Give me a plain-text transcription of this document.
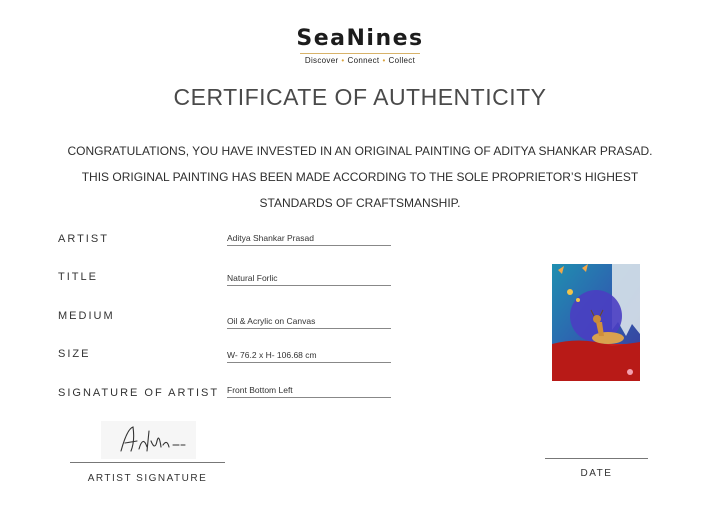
SeaNines
Discover • Connect • Collect
CERTIFICATE OF AUTHENTICITY
CONGRATULATIONS, YOU HAVE INVESTED IN AN ORIGINAL PAINTING OF ADITYA SHANKAR PRASAD.
THIS ORIGINAL PAINTING HAS BEEN MADE ACCORDING TO THE SOLE PROPRIETOR’S HIGHEST
STANDARDS OF CRAFTSMANSHIP.
ARTIST	Aditya Shankar Prasad
TITLE	Natural Forlic
MEDIUM	Oil & Acrylic on Canvas
SIZE	W- 76.2 x H- 106.68 cm
SIGNATURE OF ARTIST Front Bottom Left
ARTIST SIGNATURE	DATE
